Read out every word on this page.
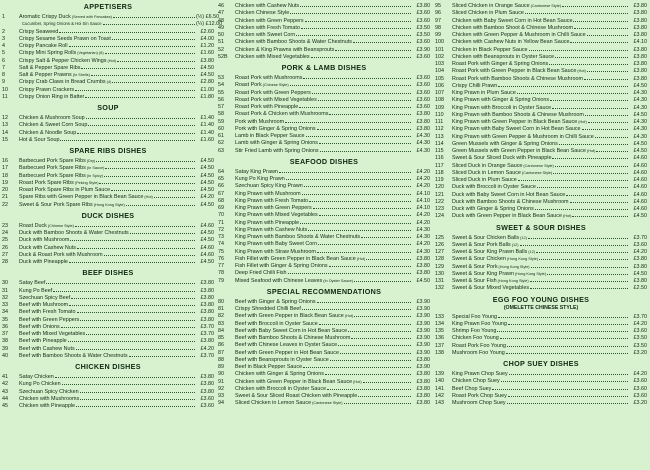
APPETISERS
1	Aromatic Crispy Duck (Served with Pancakes)	(½) £6.50
Cucumber, Spring Onions & Hoi Sin Sauce	(¼) £12.00
2	Crispy Seaweed	£2.60
3	Crispy Sesame Seeds Prawn on Toast	£4.00
4	Crispy Pancake Roll	£1.20
5	Crispy Mini Spring Rolls (Vegetarian) (8)	£1.60
6	Crispy Salt & Pepper Chicken Wings (Hot)	£3.80
7	Salt & Pepper Spare Ribs	£4.50
8	Salt & Pepper Prawns (In Shells)	£4.50
9	Crispy Crab Claws in Bread Crumbs (4)	£2.80
10	Crispy Prawn Crackers	£1.00
11	Crispy Onion Ring in Batter	£1.80
SOUP
12	Chicken & Mushroom Soup	£1.40
13	Chicken & Sweet Corn Soup	£1.40
14	Chicken & Noodle Soup	£1.40
15	Hot & Sour Soup	£1.60
SPARE RIBS DISHES
16	Barbecued Pork Spare Ribs (Dry)	£4.50
17	Barbecued Pork Spare Ribs (In Sauce)	£4.50
18	Barbecued Pork Spare Ribs (In Spicy)	£4.50
19	Roast Pork Spare Ribs (Peking Style)	£4.50
20	Roast Pork Spare Ribs in Plum Sauce	£4.50
21	Spare Ribs with Green Pepper in Black Bean Sauce (Hot)	£4.20
22	Sweet & Sour Pork Spare Ribs (Hong Kong Style)	£4.50
DUCK DISHES
23	Roast Duck (Chinese Style)	£4.60
24	Duck with Bamboo Shoots & Water Chestnuts	£4.50
25	Duck with Mushroom	£4.50
26	Duck with Cashew Nuts	£4.60
27	Duck & Roast Pork with Mushroom	£4.60
28	Duck with Pineapple	£4.50
BEEF DISHES
30	Satay Beef	£3.80
31	Kung Po Beef	£3.80
32	Szechuan Spicy Beef	£3.80
33	Beef with Mushroom	£3.80
34	Beef with Fresh Tomato	£3.80
35	Beef with Green Peppers	£3.80
36	Beef with Onions	£3.70
37	Beef with Mixed Vegetables	£3.70
38	Beef with Pineapple	£3.80
39	Beef with Cashew Nuts	£4.20
40	Beef with Bamboo Shoots & Water Chestnuts	£3.70
CHICKEN DISHES
41	Satay Chicken	£3.80
42	Kung Po Chicken	£3.80
43	Szechuan Spicy Chicken	£3.80
44	Chicken with Mushrooms	£3.60
45	Chicken with Pineapple	£3.60
46	Chicken with Cashew Nuts	£3.80
47	Chicken Chinese Style	£3.60
48	Chicken with Green Peppers	£3.60
49	Chicken with Fresh Tomato	£3.50
50	Chicken with Sweet Corn	£3.50
51	Chicken with Bamboo Shoots & Water Chestnuts	£3.60
52	Chicken & King Prawns with Beansprouts	£3.90
52B	Chicken with Mixed Vegetables	£3.60
PORK & LAMB DISHES
53	Roast Pork with Mushrooms	£3.60
54	Roast Pork (Chinese Style)	£3.60
55	Roast Pork with Green Peppers	£3.60
56	Roast Pork with Mixed Vegetables	£3.60
57	Roast Pork with Pineapple	£3.60
58	Roast Pork & Chicken with Mushrooms	£3.80
59	Pork with Mushroom	£3.80
60	Pork with Ginger & Spring Onions	£3.80
61	Lamb in Black Pepper Sauce	£4.30
62	Lamb with Ginger & Spring Onions	£4.30
63	Stir Fried Lamb with Spring Onions	£4.30
SEAFOOD DISHES
64	Satay King Prawn	£4.20
65	Kung Po King Prawn	£4.20
66	Szechuan Spicy King Prawn	£4.20
67	King Prawn with Mushroom	£4.10
68	King Prawn with Fresh Tomato	£4.10
69	King Prawn with Green Peppers	£4.10
70	King Prawn with Mixed Vegetables	£4.20
71	King Prawn with Pineapple	£4.20
72	King Prawn with Cashew Nuts	£4.30
73	King Prawn with Bamboo Shoots & Water Chestnuts	£4.30
74	King Prawn with Baby Sweet Corn	£4.20
75	King Prawn with Straw Mushroom	£4.30
76	Fish Fillet with Green Pepper in Black Bean Sauce (Hot)	£3.80
77	Fish Fillet with Ginger & Spring Onions	£3.80
78	Deep Fried Chilli Fish	£3.80
79	Mixed Seafood with Chinese Leaves (In Oyster Sauce)	£4.50
SPECIAL RECOMMENDATIONS
80	Beef with Ginger & Spring Onions	£3.90
81	Crispy Shredded Chilli Beef	£3.90
82	Beef with Green Pepper in Black Bean Sauce (Hot)	£3.90
83	Beef with Broccoli in Oyster Sauce	£3.90
84	Beef with Baby Sweet Corn in Hot Bean Sauce	£3.90
85	Beef with Bamboo Shoots & Chinese Mushroom	£3.90
86	Beef with Chinese Leaves in Oyster Sauce	£3.90
87	Beef with Green Pepper in Hot Bean Sauce	£3.90
88	Beef with Beansprouts in Oyster Sauce	£3.80
89	Beef in Black Pepper Sauce	£3.90
90	Chicken with Ginger & Spring Onions	£3.80
91	Chicken with Green Pepper in Black Bean Sauce (Hot)	£3.80
92	Chicken with Broccoli in Oyster Sauce	£3.80
93	Sweet & Sour Sliced Roast Chicken with Pineapple	£3.80
94	Sliced Chicken in Lemon Sauce (Cantonese Style)	£3.80
95	Sliced Chicken in Orange Sauce (Cantonese Style)	£3.80
96	Sliced Chicken in Plum Sauce	£3.80
97	Chicken with Baby Sweet Corn in Hot Bean Sauce	£3.80
98	Chicken with Bamboo Shoot & Chinese Mushroom	£3.80
99	Chicken with Green Pepper & Mushroom in Chilli Sauce	£3.80
100	Chicken with Cashew Nuts in Yellow Bean Sauce	£4.10
101	Chicken in Black Pepper Sauce	£3.80
102	Chicken with Beansprouts in Oyster Sauce	£3.80
103	Roast Pork with Ginger & Spring Onions	£3.80
104	Roast Pork with Green Pepper in Black Bean Sauce (Hot)	£3.80
105	Roast Pork with Bamboo Shoots & Chinese Mushroom	£3.80
106	Crispy Chilli Prawn	£4.50
107	King Prawn in Plum Sauce	£4.30
108	King Prawn with Ginger & Spring Onions	£4.30
109	King Prawn with Broccoli in Oyster Sauce	£4.30
110	King Prawn with Bamboo Shoots & Chinese Mushroom	£4.50
111	King Prawn with Green Pepper in Black Bean Sauce (Hot)	£4.30
112	King Prawn with Baby Sweet Corn in Hot Bean Sauce	£4.30
113	King Prawn with Green Pepper & Mushroom in Chilli Sauce	£4.30
114	Green Mussels with Ginger & Spring Onions	£4.50
115	Green Mussels with Green Pepper in Black Bean Sauce (Hot)	£4.50
116	Sweet & Sour Sliced Duck with Pineapple	£4.60
117	Sliced Duck in Orange Sauce (Cantonese Style)	£4.60
118	Sliced Duck in Lemon Sauce (Cantonese Style)	£4.60
119	Sliced Duck in Plum Sauce	£4.60
120	Duck with Broccoli in Oyster Sauce	£4.60
121	Duck with Baby Sweet Corn in Hot Bean Sauce	£4.60
122	Duck with Bamboo Shoots & Chinese Mushroom	£4.60
123	Duck with Ginger & Spring Onions	£4.60
124	Duck with Green Pepper in Black Bean Sauce (Hot)	£4.50
SWEET & SOUR DISHES
125	Sweet & Sour Chicken Balls (12)	£3.70
126	Sweet & Sour Pork Balls (12)	£3.60
127	Sweet & Sour King Prawn Balls (12)	£4.20
128	Sweet & Sour Chicken (Hong Kong Style)	£3.80
129	Sweet & Sour Pork (Hong Kong Style)	£3.80
130	Sweet & Sour King Prawn (Hong Kong Style)	£4.50
131	Sweet & Sour Fish (Hong Kong Style)	£3.80
132	Sweet & Sour Mixed Vegetables	£2.50
EGG FOO YOUNG DISHES
(OMELETTE CHINESE STYLE)
133	Special Foo Young	£3.70
134	King Prawn Foo Young	£4.20
135	Shrimp Foo Young	£3.60
136	Chicken Foo Young	£3.50
137	Roast Pork Foo Young	£3.50
138	Mushroom Foo Young	£3.20
CHOP SUEY DISHES
139	King Prawn Chop Suey	£4.20
140	Chicken Chop Suey	£3.60
141	Beef Chop Suey	£3.60
142	Roast Pork Chop Suey	£3.60
143	Mushroom Chop Suey	£3.20
